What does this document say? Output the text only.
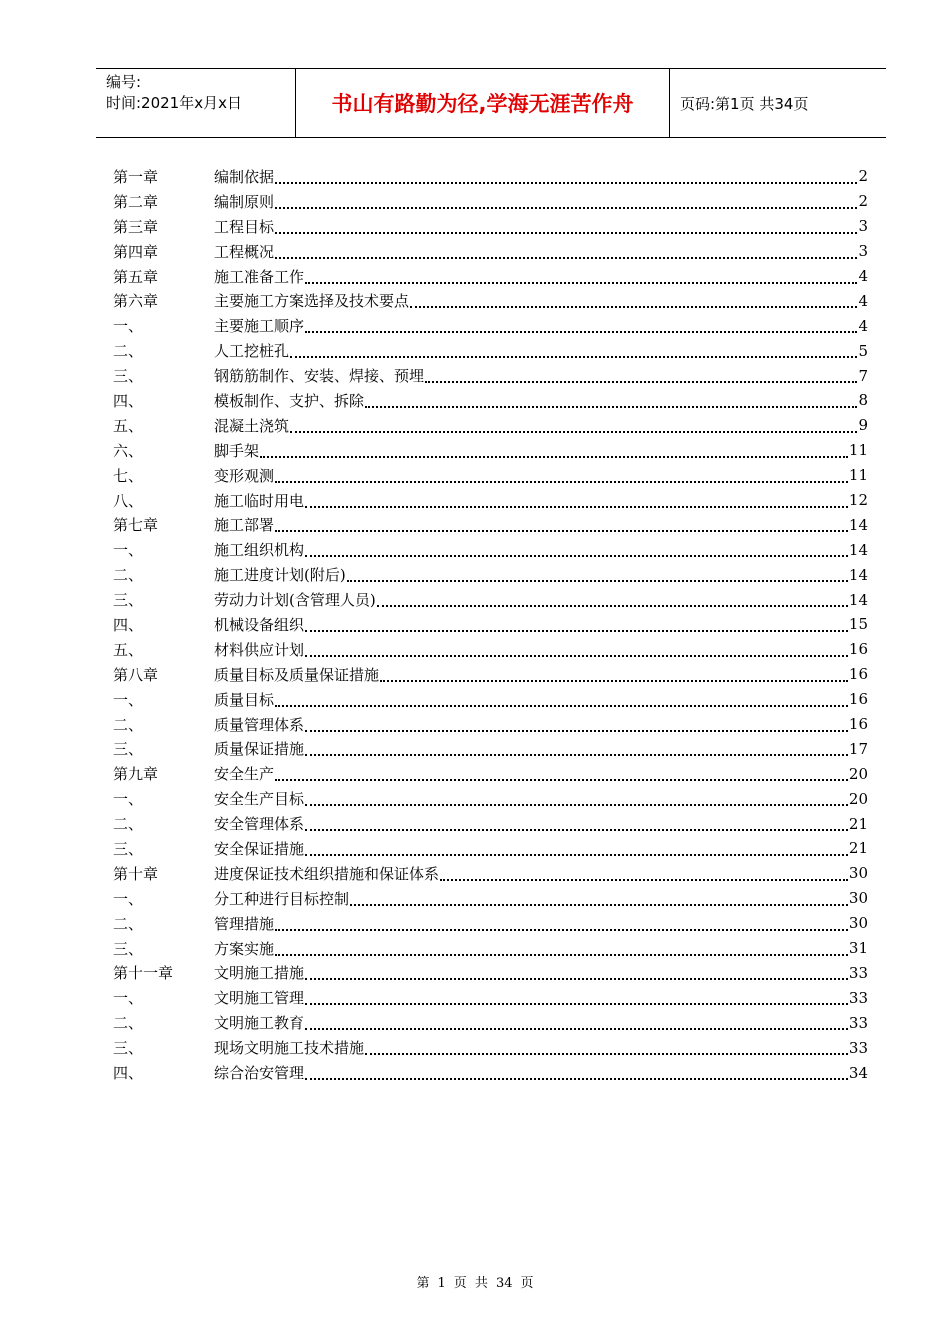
编号:
时间:2021年x月x日	书山有路勤为径,学海无涯苦作舟	页码:第1页 共34页
第一章	编制依据	2
第二章	编制原则	2
第三章	工程目标	3
第四章	工程概况	3
第五章	施工准备工作	4
第六章	主要施工方案选择及技术要点	4
一、	主要施工顺序	4
二、	人工挖桩孔	5
三、	钢筋筋制作、安装、焊接、预埋	7
四、	模板制作、支护、拆除	8
五、	混凝土浇筑	9
六、	脚手架	11
七、	变形观测	11
八、	施工临时用电	12
第七章	施工部署	14
一、	施工组织机构	14
二、	施工进度计划(附后)	14
三、	劳动力计划(含管理人员)	14
四、	机械设备组织	15
五、	材料供应计划	16
第八章	质量目标及质量保证措施	16
一、	质量目标	16
二、	质量管理体系	16
三、	质量保证措施	17
第九章	安全生产	20
一、	安全生产目标	20
二、	安全管理体系	21
三、	安全保证措施	21
第十章	进度保证技术组织措施和保证体系	30
一、	分工种进行目标控制	30
二、	管理措施	30
三、	方案实施	31
第十一章	文明施工措施	33
一、	文明施工管理	33
二、	文明施工教育	33
三、	现场文明施工技术措施	33
四、	综合治安管理	34
第 1 页 共 34 页
